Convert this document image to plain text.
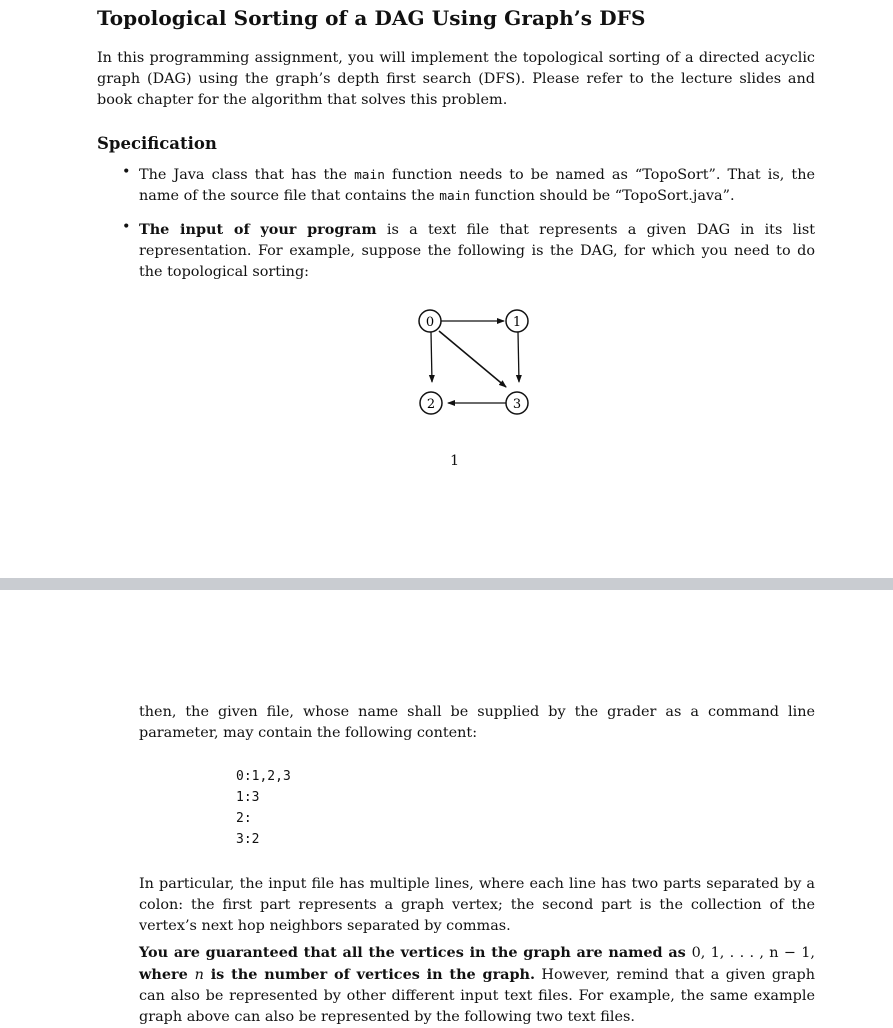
Topological Sorting of a DAG Using Graph’s DFS

In this programming assignment, you will implement the topological sorting of a directed acyclic graph (DAG) using the graph’s depth first search (DFS). Please refer to the lecture slides and book chapter for the algorithm that solves this problem.

Specification
• The Java class that has the main function needs to be named as “TopoSort”. That is, the name of the source file that contains the main function should be “TopoSort.java”.

• The input of your program is a text file that represents a given DAG in its list representation. For example, suppose the following is the DAG, for which you need to do the topological sorting:

0	1
2	3
1

then, the given file, whose name shall be supplied by the grader as a command line parameter, may contain the following content:

0:1,2,3
1:3
2:
3:2

In particular, the input file has multiple lines, where each line has two parts separated by a colon: the first part represents a graph vertex; the second part is the collection of the vertex’s next hop neighbors separated by commas.

You are guaranteed that all the vertices in the graph are named as 0, 1, . . . , n − 1, where n is the number of vertices in the graph. However, remind that a given graph can also be represented by other different input text files. For example, the same example graph above can also be represented by the following two text files.
